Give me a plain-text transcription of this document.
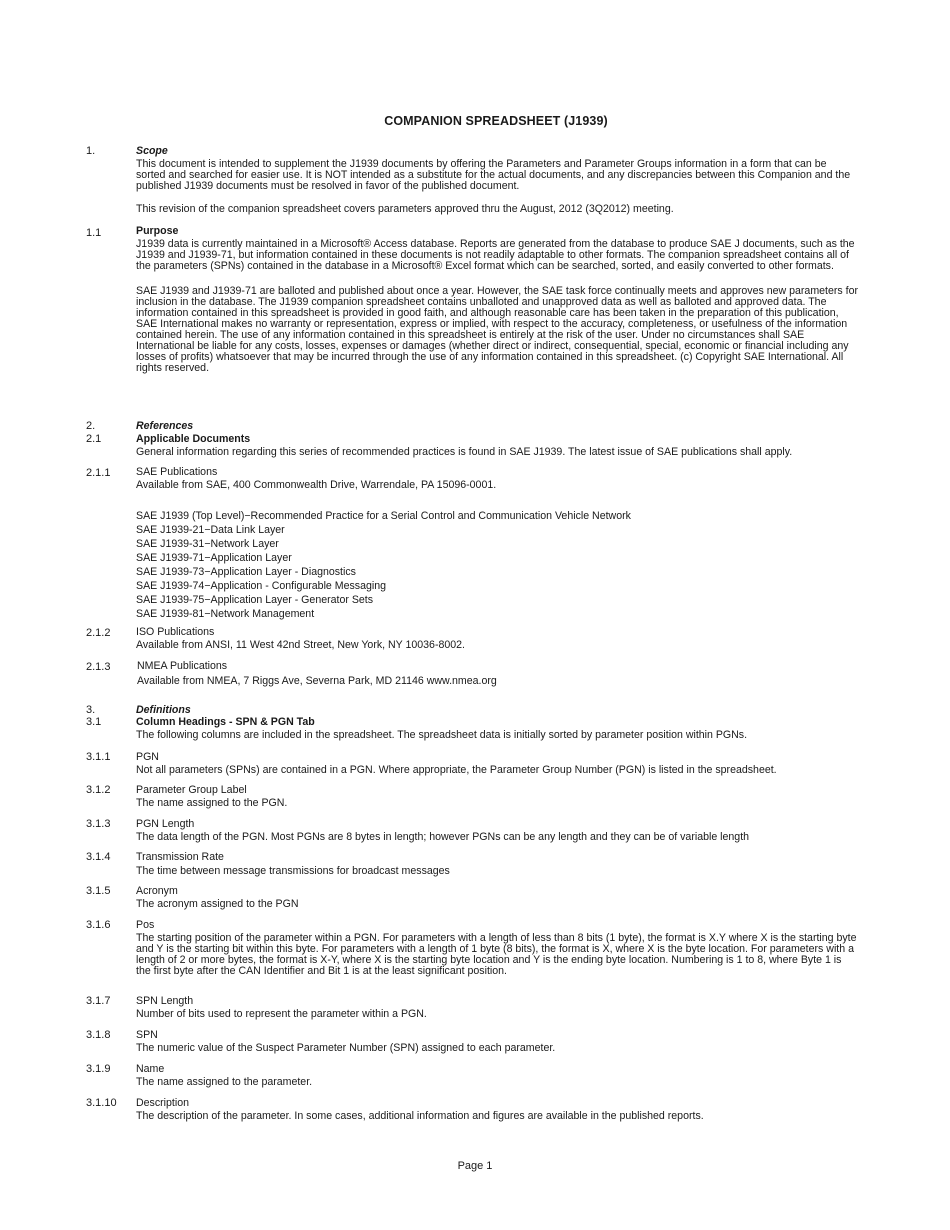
COMPANION SPREADSHEET (J1939)
1.	Scope

This document is intended to supplement the J1939 documents by offering the Parameters and Parameter Groups information in a form that can be sorted and searched for easier use. It is NOT intended as a substitute for the actual documents, and any discrepancies between this Companion and the published J1939 documents must be resolved in favor of the published document.

This revision of the companion spreadsheet covers parameters approved thru the August, 2012 (3Q2012) meeting.

1.1	Purpose

J1939 data is currently maintained in a Microsoft® Access database. Reports are generated from the database to produce SAE J documents, such as the J1939 and J1939-71, but information contained in these documents is not readily adaptable to other formats. The companion spreadsheet contains all of the parameters (SPNs) contained in the database in a Microsoft® Excel format which can be searched, sorted, and easily converted to other formats.

SAE J1939 and J1939-71 are balloted and published about once a year. However, the SAE task force continually meets and approves new parameters for inclusion in the database. The J1939 companion spreadsheet contains unballoted and unapproved data as well as balloted and approved data. The information contained in this spreadsheet is provided in good faith, and although reasonable care has been taken in the preparation of this publication, SAE International makes no warranty or representation, express or implied, with respect to the accuracy, completeness, or usefulness of the information contained herein. The use of any information contained in this spreadsheet is entirely at the risk of the user. Under no circumstances shall SAE International be liable for any costs, losses, expenses or damages (whether direct or indirect, consequential, special, economic or financial including any losses of profits) whatsoever that may be incurred through the use of any information contained in this spreadsheet. (c) Copyright SAE International. All rights reserved.

2.	References
2.1	Applicable Documents

General information regarding this series of recommended practices is found in SAE J1939. The latest issue of SAE publications shall apply.

2.1.1 SAE Publications

Available from SAE, 400 Commonwealth Drive, Warrendale, PA 15096-0001.

SAE J1939 (Top Level)−Recommended Practice for a Serial Control and Communication Vehicle Network
SAE J1939-21−Data Link Layer
SAE J1939-31−Network Layer
SAE J1939-71−Application Layer
SAE J1939-73−Application Layer - Diagnostics
SAE J1939-74−Application - Configurable Messaging
SAE J1939-75−Application Layer - Generator Sets
SAE J1939-81−Network Management
2.1.2 ISO Publications

Available from ANSI, 11 West 42nd Street, New York, NY 10036-8002.

2.1.3	NMEA Publications

Available from NMEA, 7 Riggs Ave, Severna Park, MD 21146 www.nmea.org

3.	Definitions
3.1	Column Headings - SPN & PGN Tab

The following columns are included in the spreadsheet. The spreadsheet data is initially sorted by parameter position within PGNs.

3.1.1 PGN

Not all parameters (SPNs) are contained in a PGN. Where appropriate, the Parameter Group Number (PGN) is listed in the spreadsheet.

3.1.2 Parameter Group Label

The name assigned to the PGN.

3.1.3 PGN Length

The data length of the PGN. Most PGNs are 8 bytes in length; however PGNs can be any length and they can be of variable length

3.1.4 Transmission Rate

The time between message transmissions for broadcast messages

3.1.5 Acronym

The acronym assigned to the PGN

3.1.6 Pos

The starting position of the parameter within a PGN. For parameters with a length of less than 8 bits (1 byte), the format is X.Y where X is the starting byte and Y is the starting bit within this byte. For parameters with a length of 1 byte (8 bits), the format is X, where X is the byte location. For parameters with a length of 2 or more bytes, the format is X-Y, where X is the starting byte location and Y is the ending byte location. Numbering is 1 to 8, where Byte 1 is the first byte after the CAN Identifier and Bit 1 is at the least significant position.

3.1.7 SPN Length

Number of bits used to represent the parameter within a PGN.

3.1.8 SPN

The numeric value of the Suspect Parameter Number (SPN) assigned to each parameter.

3.1.9 Name

The name assigned to the parameter.

3.1.10 Description

The description of the parameter. In some cases, additional information and figures are available in the published reports.

Page 1
